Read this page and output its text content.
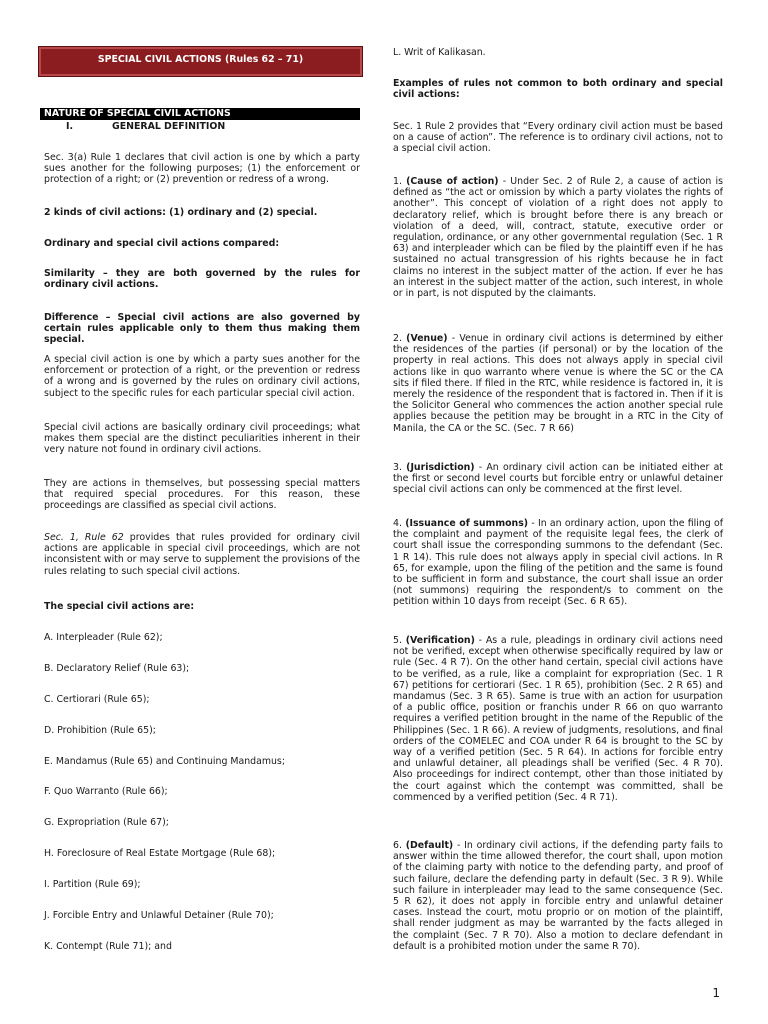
SPECIAL CIVIL ACTIONS (Rules 62 – 71)
NATURE OF SPECIAL CIVIL ACTIONS
I.	GENERAL DEFINITION

Sec. 3(a) Rule 1 declares that civil action is one by which a party sues another for the following purposes; (1) the enforcement or protection of a right; or (2) prevention or redress of a wrong.

2 kinds of civil actions: (1) ordinary and (2) special.

Ordinary and special civil actions compared:

Similarity – they are both governed by the rules for ordinary civil actions.

Difference – Special civil actions are also governed by certain rules applicable only to them thus making them special.

A special civil action is one by which a party sues another for the enforcement or protection of a right, or the prevention or redress of a wrong and is governed by the rules on ordinary civil actions, subject to the specific rules for each particular special civil action.

Special civil actions are basically ordinary civil proceedings; what makes them special are the distinct peculiarities inherent in their very nature not found in ordinary civil actions.

They are actions in themselves, but possessing special matters that required special procedures. For this reason, these proceedings are classified as special civil actions.

Sec. 1, Rule 62 provides that rules provided for ordinary civil actions are applicable in special civil proceedings, which are not inconsistent with or may serve to supplement the provisions of the rules relating to such special civil actions.

The special civil actions are:

A. Interpleader (Rule 62);

B. Declaratory Relief (Rule 63);

C. Certiorari (Rule 65);

D. Prohibition (Rule 65);

E. Mandamus (Rule 65) and Continuing Mandamus;

F. Quo Warranto (Rule 66);

G. Expropriation (Rule 67);

H. Foreclosure of Real Estate Mortgage (Rule 68);

I. Partition (Rule 69);

J. Forcible Entry and Unlawful Detainer (Rule 70);

K. Contempt (Rule 71); and

L. Writ of Kalikasan.

Examples of rules not common to both ordinary and special civil actions:

Sec. 1 Rule 2 provides that “Every ordinary civil action must be based on a cause of action”. The reference is to ordinary civil actions, not to a special civil action.

1. (Cause of action) - Under Sec. 2 of Rule 2, a cause of action is defined as “the act or omission by which a party violates the rights of another”. This concept of violation of a right does not apply to declaratory relief, which is brought before there is any breach or violation of a deed, will, contract, statute, executive order or regulation, ordinance, or any other governmental regulation (Sec. 1 R 63) and interpleader which can be filed by the plaintiff even if he has sustained no actual transgression of his rights because he in fact claims no interest in the subject matter of the action. If ever he has an interest in the subject matter of the action, such interest, in whole or in part, is not disputed by the claimants.

2. (Venue) - Venue in ordinary civil actions is determined by either the residences of the parties (if personal) or by the location of the property in real actions. This does not always apply in special civil actions like in quo warranto where venue is where the SC or the CA sits if filed there. If filed in the RTC, while residence is factored in, it is merely the residence of the respondent that is factored in. Then if it is the Solicitor General who commences the action another special rule applies because the petition may be brought in a RTC in the City of Manila, the CA or the SC. (Sec. 7 R 66)

3. (Jurisdiction) - An ordinary civil action can be initiated either at the first or second level courts but forcible entry or unlawful detainer special civil actions can only be commenced at the first level.

4. (Issuance of summons) - In an ordinary action, upon the filing of the complaint and payment of the requisite legal fees, the clerk of court shall issue the corresponding summons to the defendant (Sec. 1 R 14). This rule does not always apply in special civil actions. In R 65, for example, upon the filing of the petition and the same is found to be sufficient in form and substance, the court shall issue an order (not summons) requiring the respondent/s to comment on the petition within 10 days from receipt (Sec. 6 R 65).

5. (Verification) - As a rule, pleadings in ordinary civil actions need not be verified, except when otherwise specifically required by law or rule (Sec. 4 R 7). On the other hand certain, special civil actions have to be verified, as a rule, like a complaint for expropriation (Sec. 1 R 67) petitions for certiorari (Sec. 1 R 65), prohibition (Sec. 2 R 65) and mandamus (Sec. 3 R 65). Same is true with an action for usurpation of a public office, position or franchis under R 66 on quo warranto requires a verified petition brought in the name of the Republic of the Philippines (Sec. 1 R 66). A review of judgments, resolutions, and final orders of the COMELEC and COA under R 64 is brought to the SC by way of a verified petition (Sec. 5 R 64). In actions for forcible entry and unlawful detainer, all pleadings shall be verified (Sec. 4 R 70). Also proceedings for indirect contempt, other than those initiated by the court against which the contempt was committed, shall be commenced by a verified petition (Sec. 4 R 71).

6. (Default) - In ordinary civil actions, if the defending party fails to answer within the time allowed therefor, the court shall, upon motion of the claiming party with notice to the defending party, and proof of such failure, declare the defending party in default (Sec. 3 R 9). While such failure in interpleader may lead to the same consequence (Sec. 5 R 62), it does not apply in forcible entry and unlawful detainer cases. Instead the court, motu proprio or on motion of the plaintiff, shall render judgment as may be warranted by the facts alleged in the complaint (Sec. 7 R 70). Also a motion to declare defendant in default is a prohibited motion under the same R 70).

1
